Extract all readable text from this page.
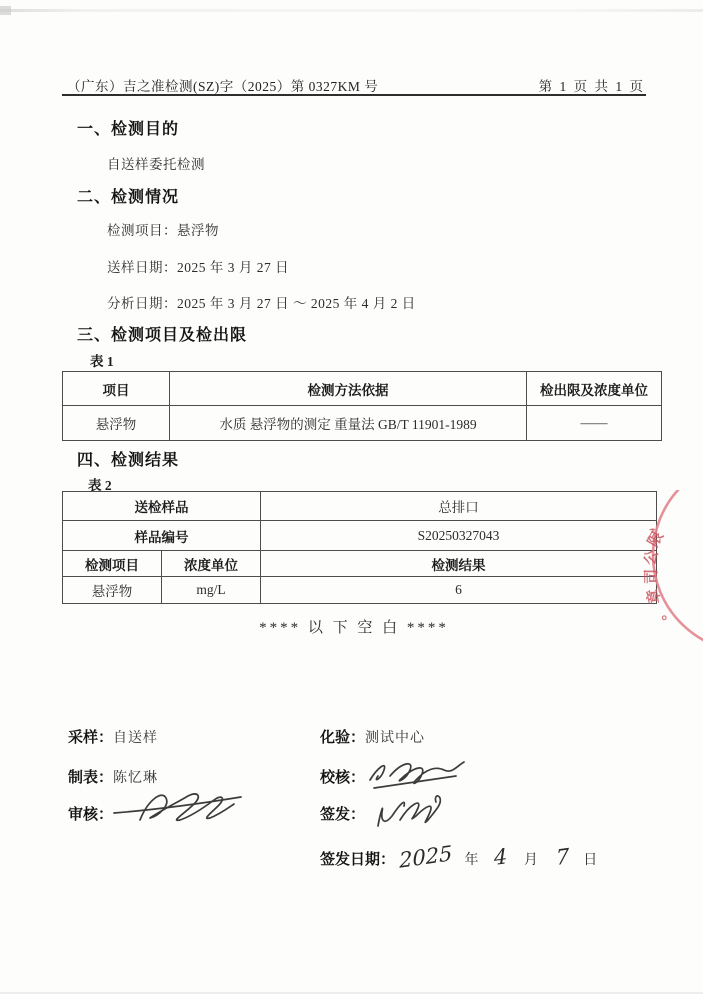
（广东）吉之准检测(SZ)字（2025）第 0327KM 号	第 1 页 共 1 页
一、检测目的
自送样委托检测
二、检测情况
检测项目：悬浮物
送样日期：2025 年 3 月 27 日
分析日期：2025 年 3 月 27 日 ～ 2025 年 4 月 2 日
三、检测项目及检出限
表 1
项目	检测方法依据	检出限及浓度单位
悬浮物	水质 悬浮物的测定 重量法 GB/T 11901-1989	——
四、检测结果
表 2
送检样品		总排口
样品编号		S20250327043
检测项目	浓度单位	检测结果
悬浮物	mg/L	6
**** 以 下 空 白 ****
采样： 自送样	化验： 测试中心
制表： 陈忆琳	校核：
审核：	签发：
签发日期： 2025 年 4 月 7 日
、
限
公
司
章
。
